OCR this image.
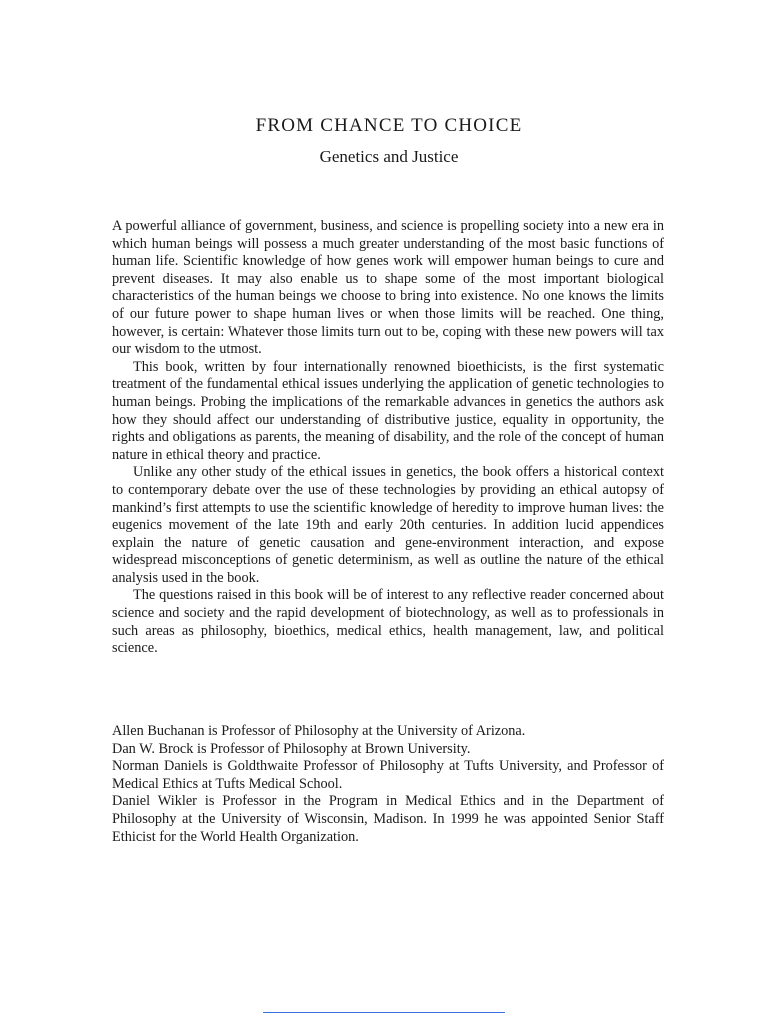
FROM CHANCE TO CHOICE
Genetics and Justice

A powerful alliance of government, business, and science is propelling society into a new era in which human beings will possess a much greater understanding of the most basic functions of human life. Scientific knowledge of how genes work will empower human beings to cure and prevent diseases. It may also enable us to shape some of the most important biological characteristics of the human beings we choose to bring into existence. No one knows the limits of our future power to shape human lives or when those limits will be reached. One thing, however, is certain: Whatever those limits turn out to be, coping with these new powers will tax our wisdom to the utmost.

This book, written by four internationally renowned bioethicists, is the first systematic treatment of the fundamental ethical issues underlying the application of genetic technologies to human beings. Probing the implications of the remarkable advances in genetics the authors ask how they should affect our understanding of distributive justice, equality in opportunity, the rights and obligations as parents, the meaning of disability, and the role of the concept of human nature in ethical theory and practice.

Unlike any other study of the ethical issues in genetics, the book offers a historical context to contemporary debate over the use of these technologies by providing an ethical autopsy of mankind’s first attempts to use the scientific knowledge of heredity to improve human lives: the eugenics movement of the late 19th and early 20th centuries. In addition lucid appendices explain the nature of genetic causation and gene-environment interaction, and expose widespread misconceptions of genetic determinism, as well as outline the nature of the ethical analysis used in the book.

The questions raised in this book will be of interest to any reflective reader concerned about science and society and the rapid development of biotechnology, as well as to professionals in such areas as philosophy, bioethics, medical ethics, health management, law, and political science.

Allen Buchanan is Professor of Philosophy at the University of Arizona.

Dan W. Brock is Professor of Philosophy at Brown University.

Norman Daniels is Goldthwaite Professor of Philosophy at Tufts University, and Professor of Medical Ethics at Tufts Medical School.

Daniel Wikler is Professor in the Program in Medical Ethics and in the Department of Philosophy at the University of Wisconsin, Madison. In 1999 he was appointed Senior Staff Ethicist for the World Health Organization.
